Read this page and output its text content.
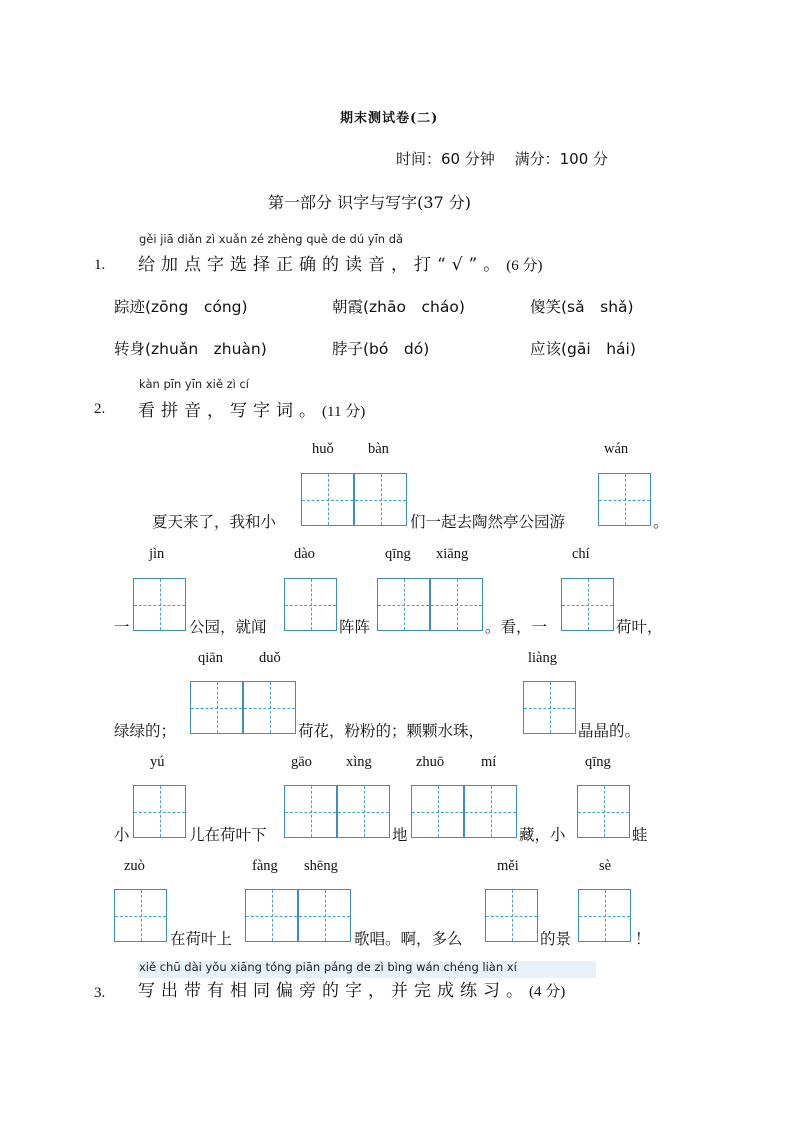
期末测试卷(二)
时间：60 分钟　 满分：100 分
第一部分 识字与写字(37 分)
gěi jiā diǎn zì xuǎn zé zhèng què de dú yīn dǎ
1. 给加点字选择正确的读音，打“√”。(6 分)
踪迹(zōng　cóng)	朝霞(zhāo　cháo)	傻笑(sǎ　shǎ)
转身(zhuǎn　zhuàn)	脖子(bó　dó)	应该(gāi　hái)
kàn pīn yīn xiě zì cí
2. 看拼音，写字词。(11 分)
huǒ bàn	wán
夏天来了，我和小	们一起去陶然亭公园游	。
jìn	dào	qīng xiāng	chí
一	公园，就闻	阵阵	。看，一	荷叶，
qiān duǒ	liàng
绿绿的；	荷花，粉粉的；颗颗水珠，	晶晶的。
yú	gāo xìng	zhuō	mí	qīng
小	儿在荷叶下	地	藏，小	蛙
zuò	fàng shēng	měi	sè
在荷叶上	歌唱。啊，多么	的景	！
xiě chū dài yǒu xiāng tóng piān páng de zì bìng wán chéng liàn xí
3. 写出带有相同偏旁的字，并完成练习。(4 分)
